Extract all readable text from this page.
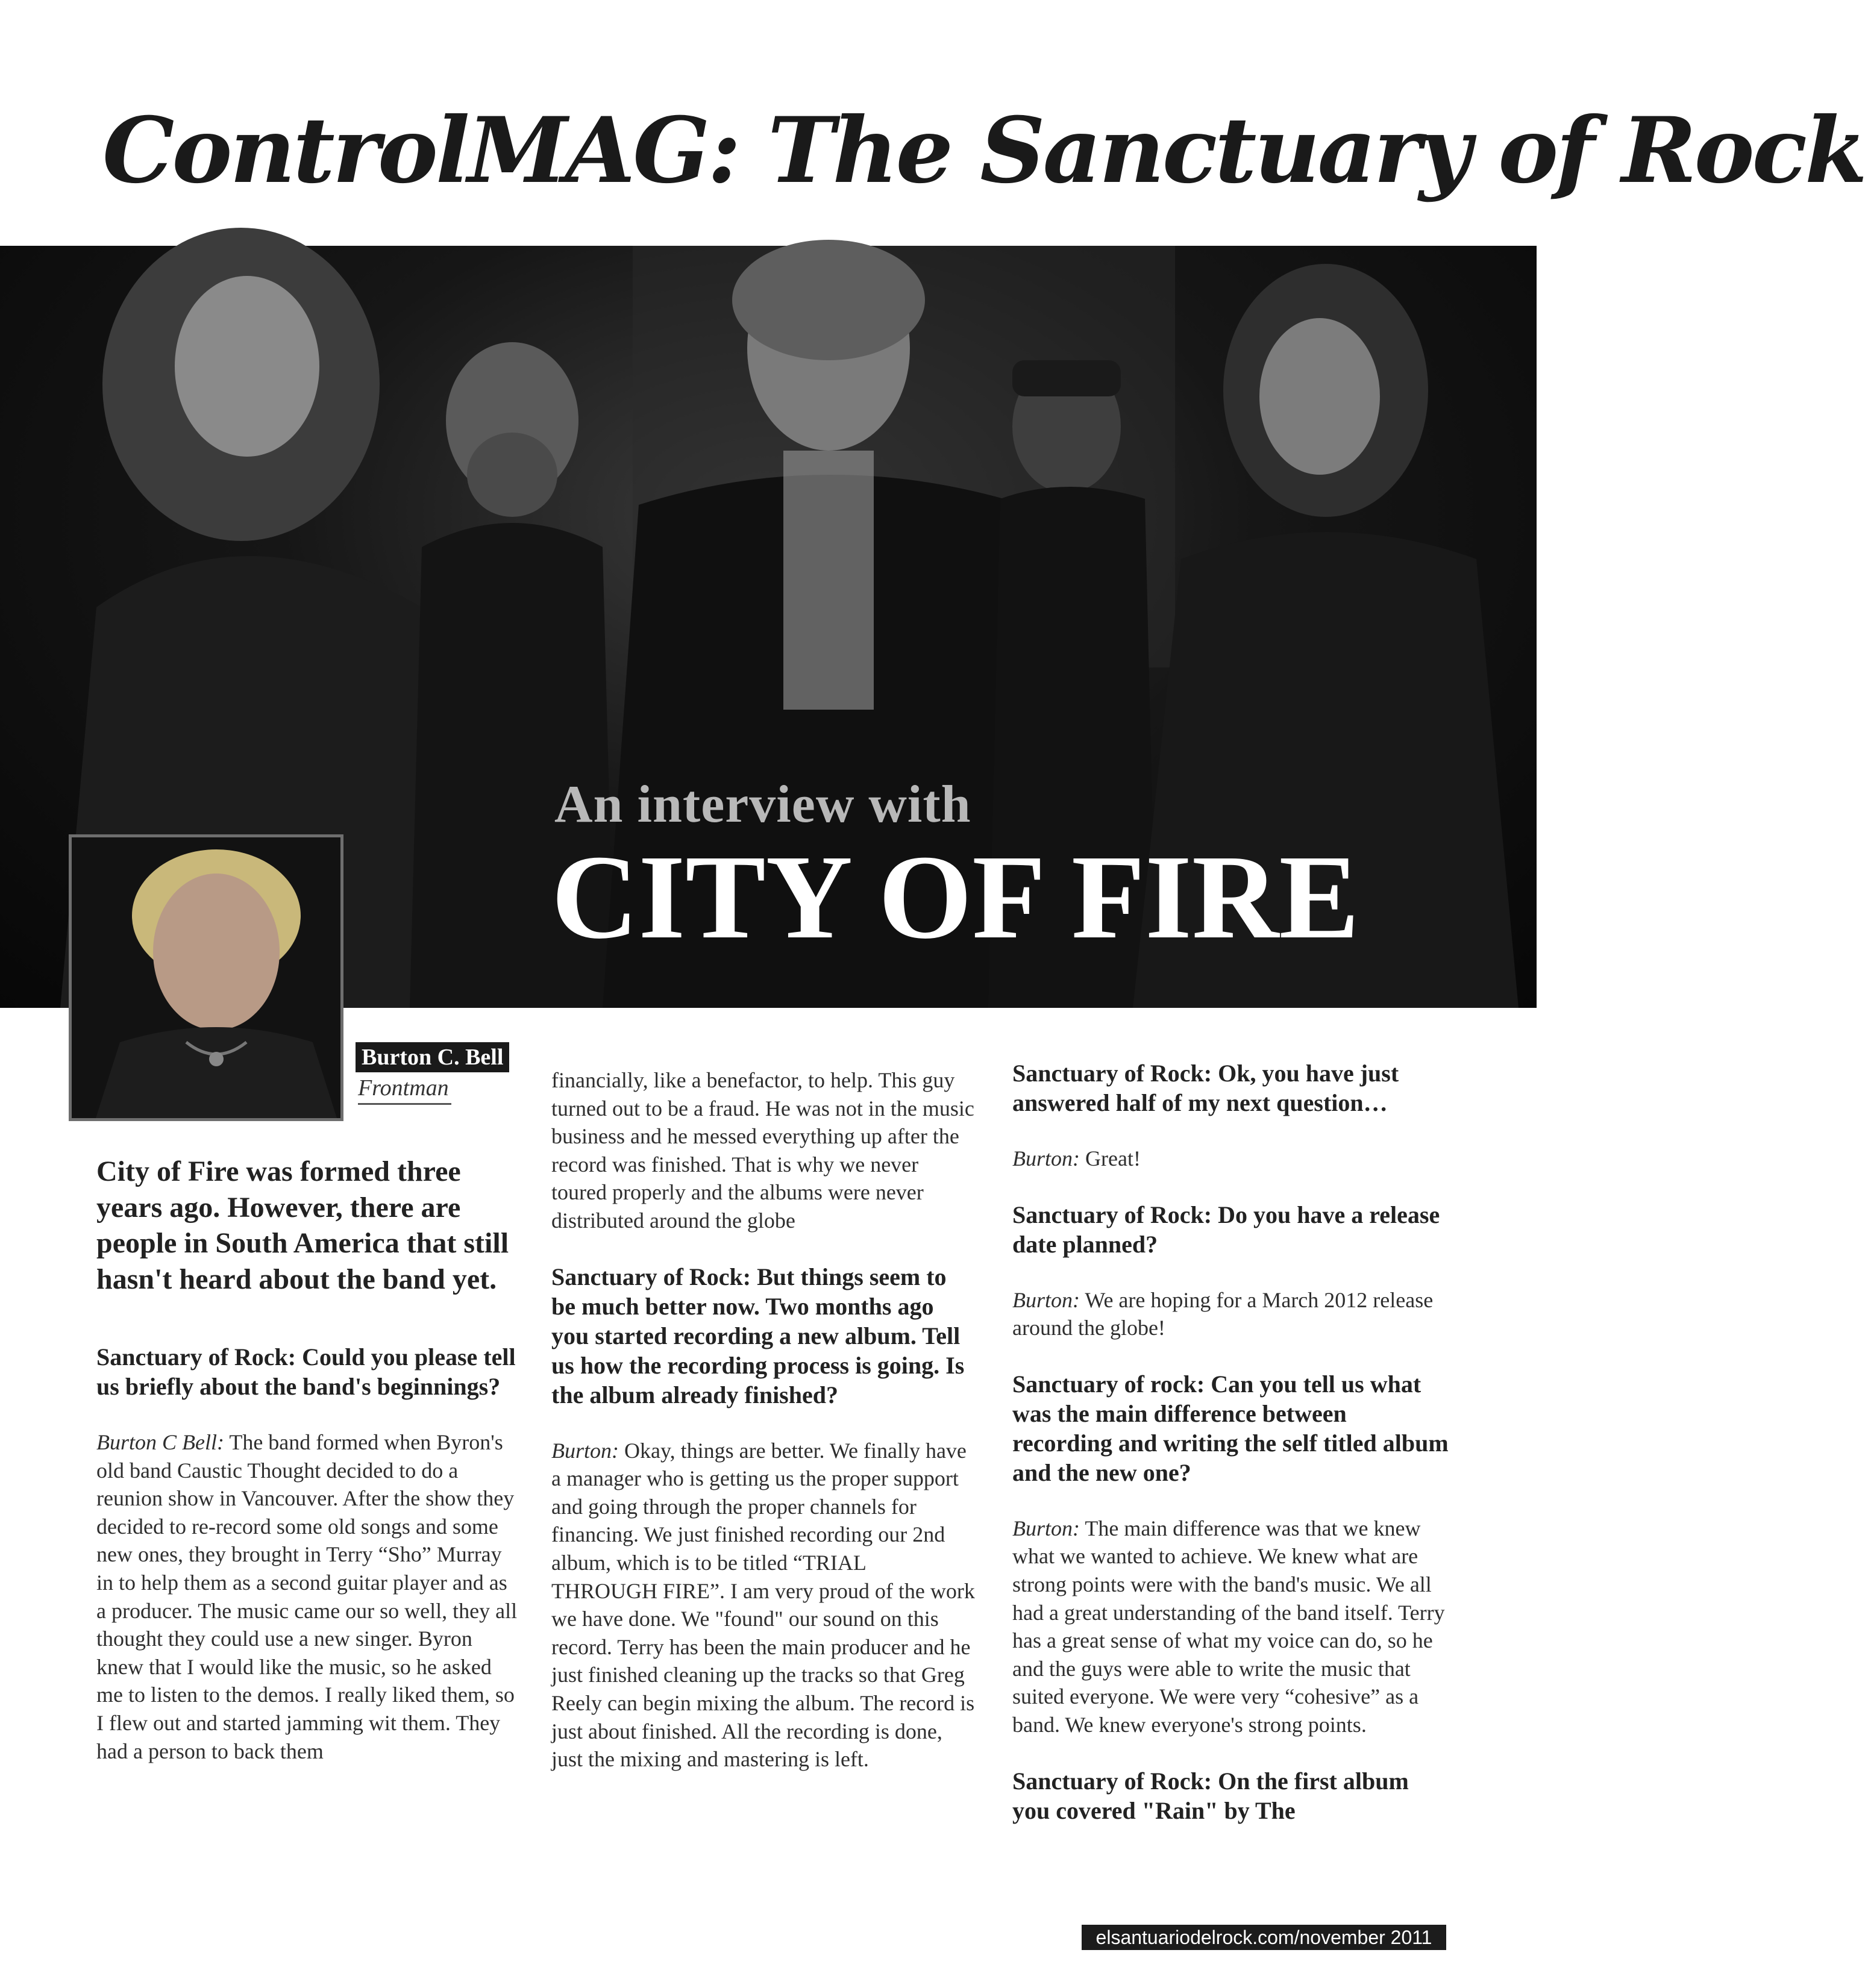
ControlMAG: The Sanctuary of Rock
An interview with
CITY OF FIRE
Burton C. Bell
Frontman

City of Fire was formed three years ago. However, there are people in South America that still hasn't heard about the band yet.

Sanctuary of Rock: Could you please tell us briefly about the band's beginnings?

Burton C Bell: The band formed when Byron's old band Caustic Thought decided to do a reunion show in Vancouver. After the show they decided to re-record some old songs and some new ones, they brought in Terry “Sho” Murray in to help them as a second guitar player and as a producer. The music came our so well, they all thought they could use a new singer. Byron knew that I would like the music, so he asked me to listen to the demos. I really liked them, so I flew out and started jamming wit them. They had a person to back them

financially, like a benefactor, to help. This guy turned out to be a fraud. He was not in the music business and he messed everything up after the record was finished. That is why we never toured properly and the albums were never distributed around the globe

Sanctuary of Rock: But things seem to be much better now. Two months ago you started recording a new album. Tell us how the recording process is going. Is the album already finished?

Burton: Okay, things are better. We finally have a manager who is getting us the proper support and going through the proper channels for financing. We just finished recording our 2nd album, which is to be titled “TRIAL THROUGH FIRE”. I am very proud of the work we have done. We "found" our sound on this record. Terry has been the main producer and he just finished cleaning up the tracks so that Greg Reely can begin mixing the album. The record is just about finished. All the recording is done, just the mixing and mastering is left.

Sanctuary of Rock: Ok, you have just answered half of my next question…

Burton: Great!

Sanctuary of Rock: Do you have a release date planned?

Burton: We are hoping for a March 2012 release around the globe!

Sanctuary of rock: Can you tell us what was the main difference between recording and writing the self titled album and the new one?

Burton: The main difference was that we knew what we wanted to achieve. We knew what are strong points were with the band's music. We all had a great understanding of the band itself. Terry has a great sense of what my voice can do, so he and the guys were able to write the music that suited everyone. We were very “cohesive” as a band. We knew everyone's strong points.

Sanctuary of Rock: On the first album you covered "Rain" by The

elsantuariodelrock.com/november 2011
